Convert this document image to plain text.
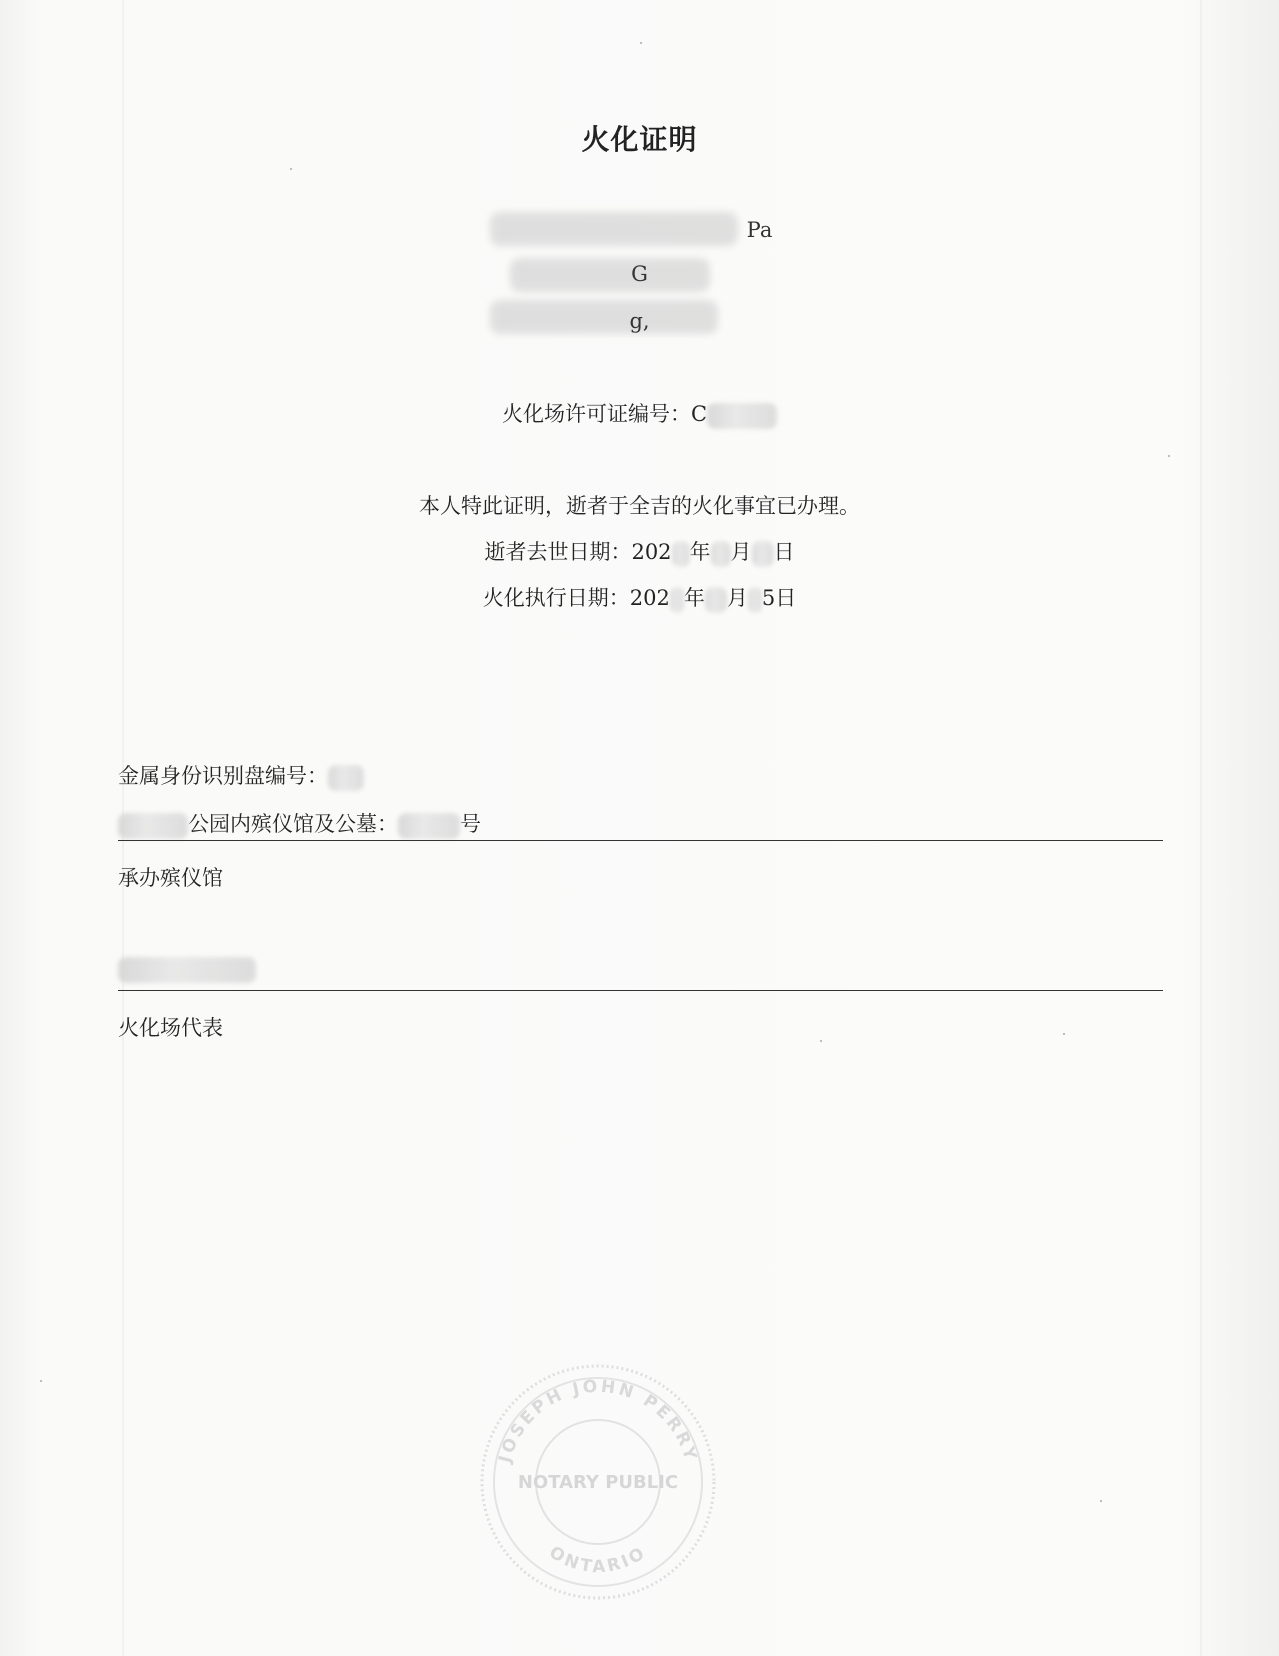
火化证明
Pa
G
g,
火化场许可证编号：C
本人特此证明，逝者于全吉的火化事宜已办理。
逝者去世日期：202 年 月 日
火化执行日期：202 年 月 5日
金属身份识别盘编号：
公园内殡仪馆及公墓：	号
承办殡仪馆
火化场代表
JOSEPH JOHN PERRY
NOTARY PUBLIC
ONTARIO
